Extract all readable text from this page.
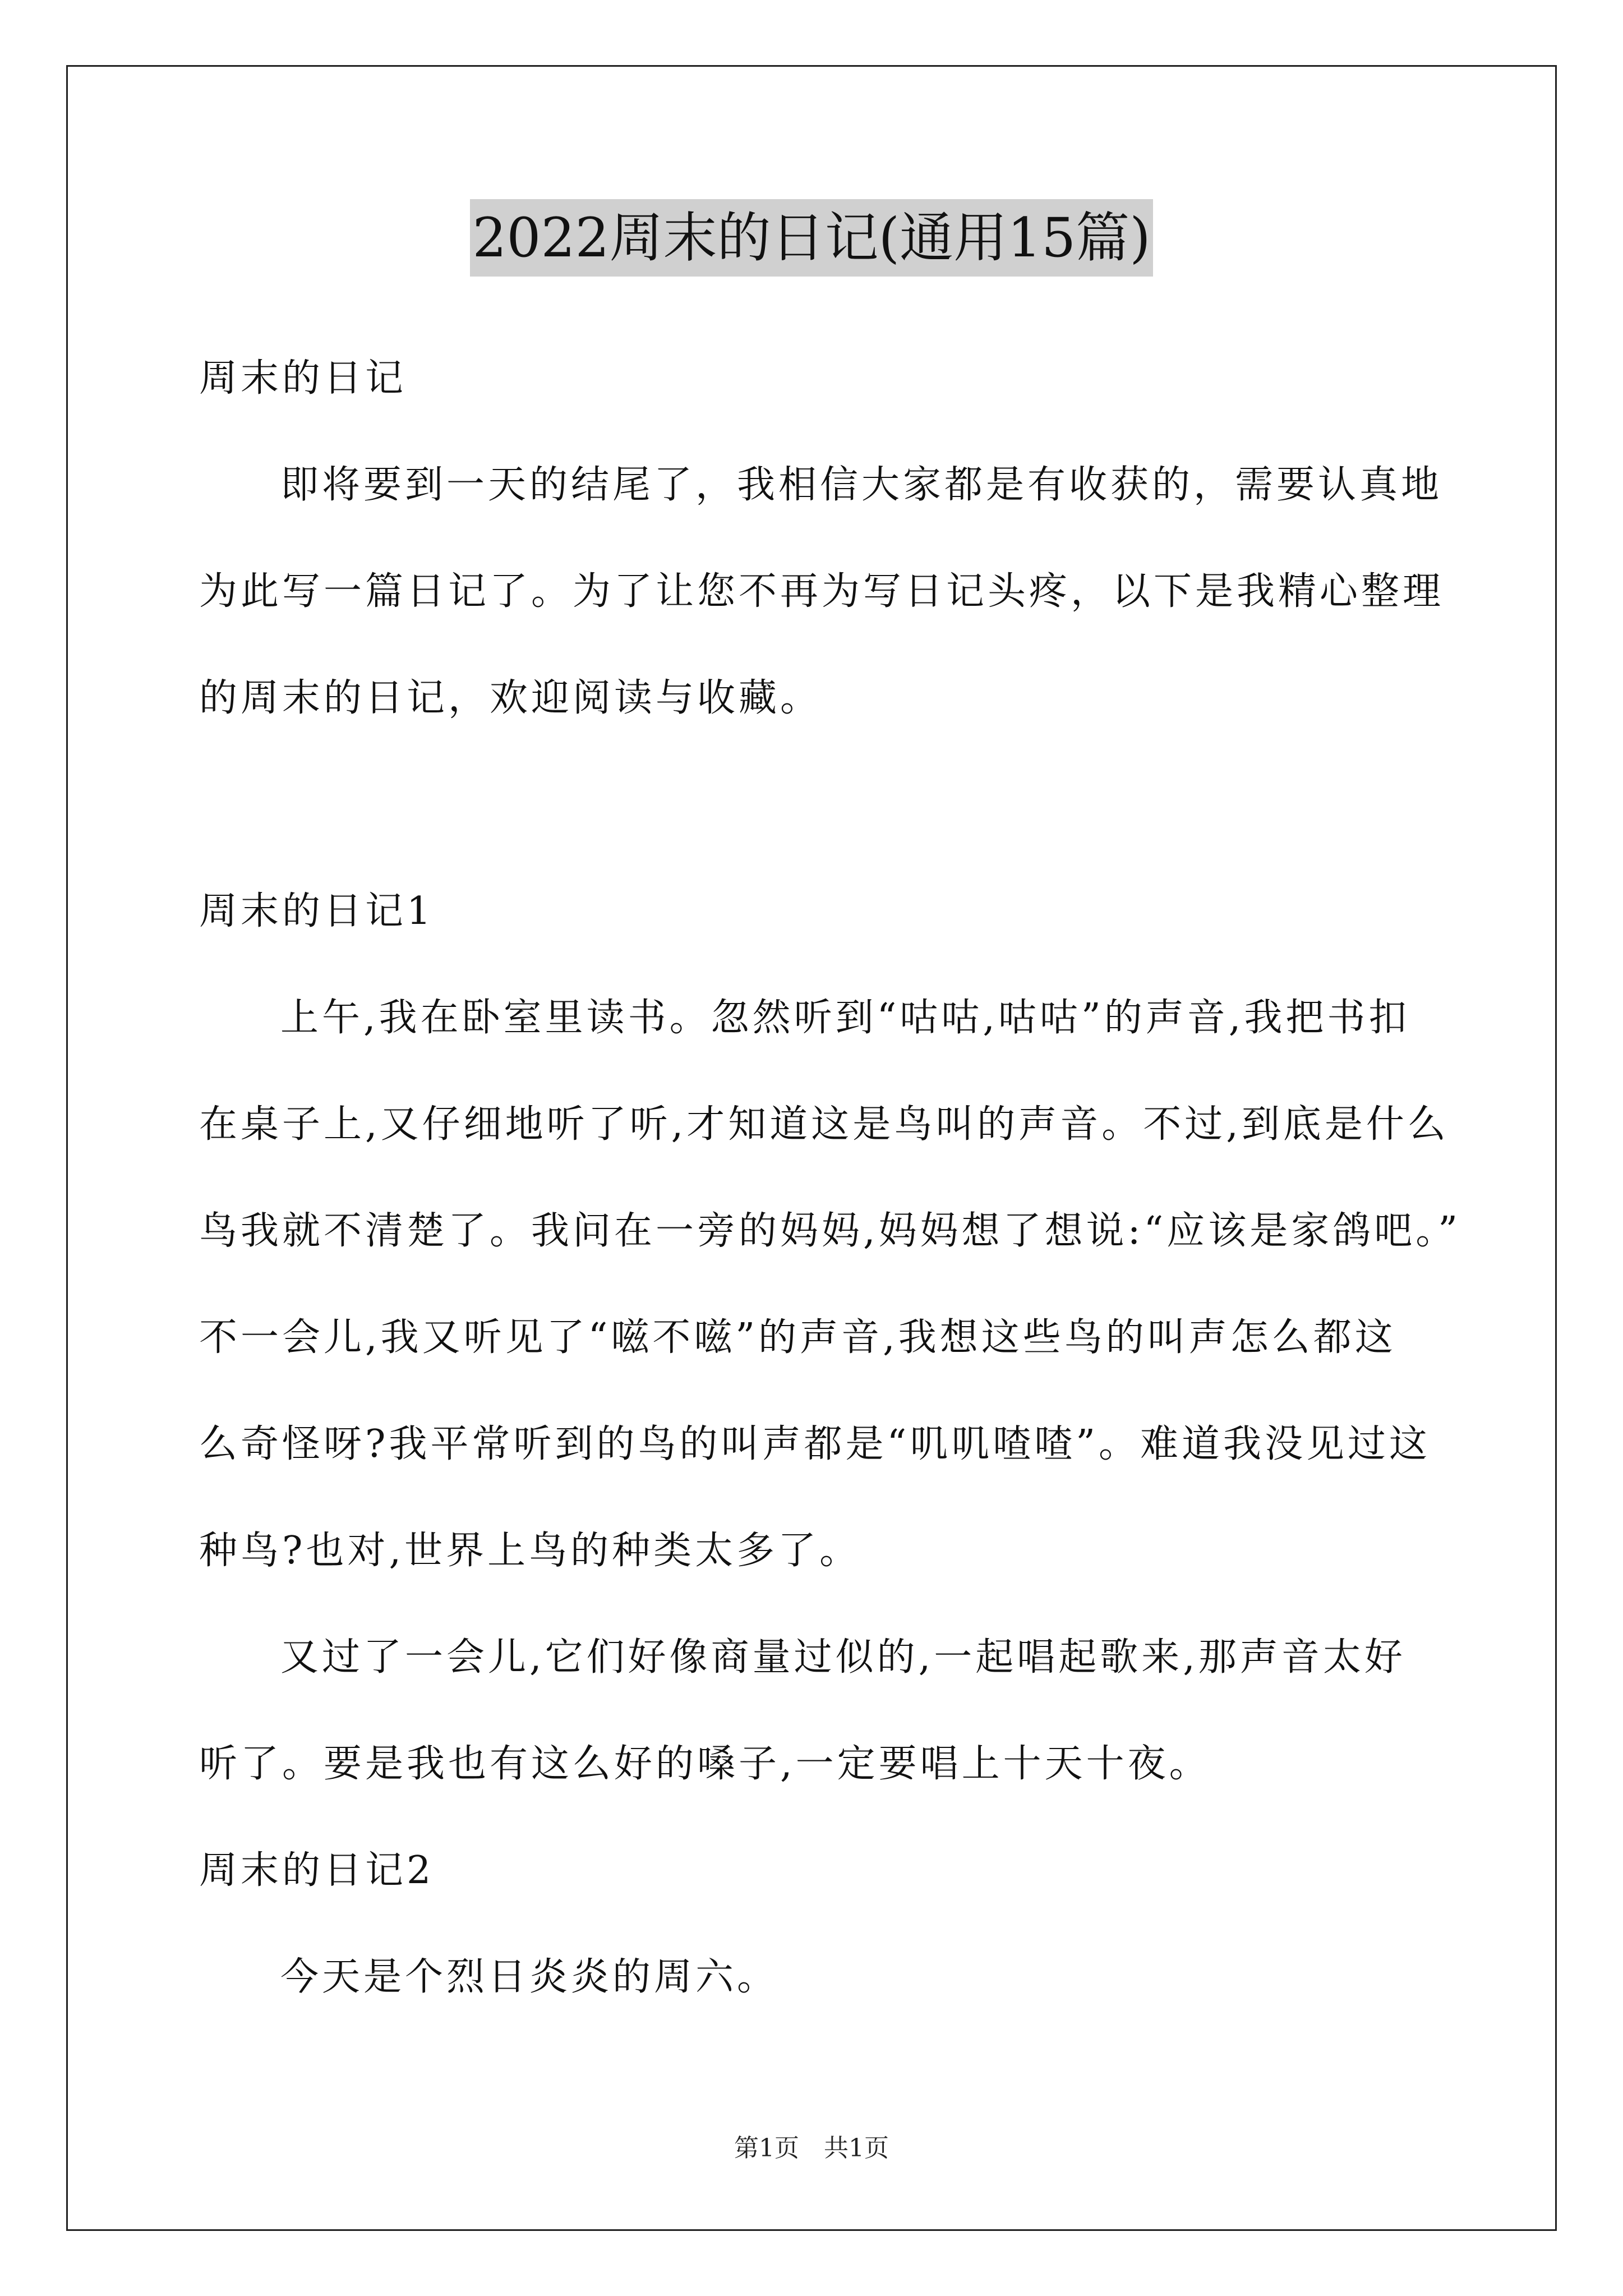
2022周末的日记(通用15篇)
周末的日记
即将要到一天的结尾了，我相信大家都是有收获的，需要认真地
为此写一篇日记了。为了让您不再为写日记头疼，以下是我精心整理
的周末的日记，欢迎阅读与收藏。
周末的日记1
上午,我在卧室里读书。忽然听到“咕咕,咕咕”的声音,我把书扣
在桌子上,又仔细地听了听,才知道这是鸟叫的声音。不过,到底是什么
鸟我就不清楚了。我问在一旁的妈妈,妈妈想了想说:“应该是家鸽吧。”
不一会儿,我又听见了“嗞不嗞”的声音,我想这些鸟的叫声怎么都这
么奇怪呀?我平常听到的鸟的叫声都是“叽叽喳喳”。难道我没见过这
种鸟?也对,世界上鸟的种类太多了。
又过了一会儿,它们好像商量过似的,一起唱起歌来,那声音太好
听了。要是我也有这么好的嗓子,一定要唱上十天十夜。
周末的日记2
今天是个烈日炎炎的周六。
第1页　共1页
